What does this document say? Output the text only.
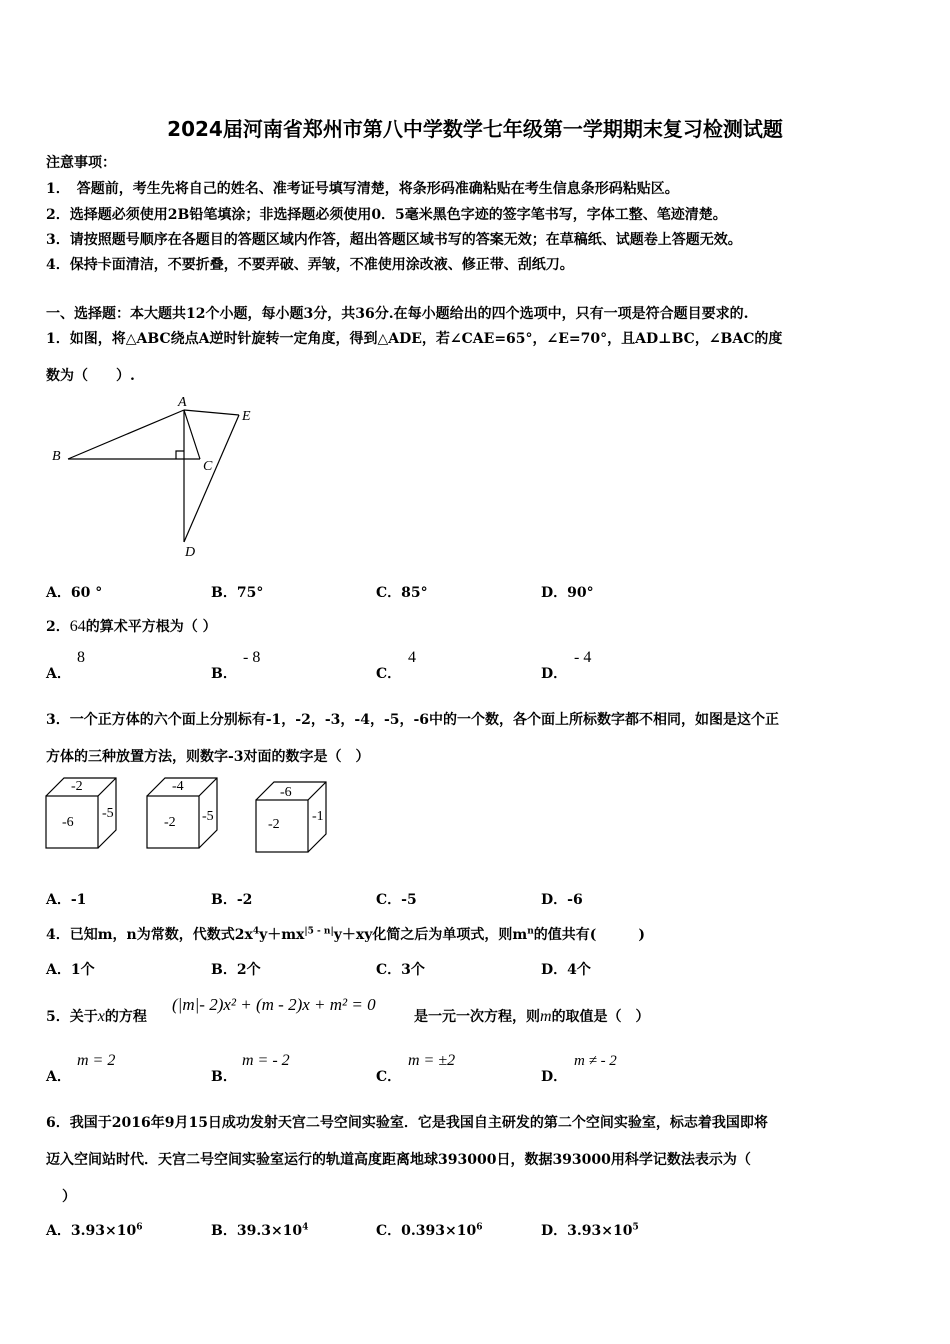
2024届河南省郑州市第八中学数学七年级第一学期期末复习检测试题
注意事项：
1．　答题前，考生先将自己的姓名、准考证号填写清楚，将条形码准确粘贴在考生信息条形码粘贴区。
2．选择题必须使用2B铅笔填涂；非选择题必须使用0．5毫米黑色字迹的签字笔书写，字体工整、笔迹清楚。
3．请按照题号顺序在各题目的答题区域内作答，超出答题区域书写的答案无效；在草稿纸、试题卷上答题无效。
4．保持卡面清洁，不要折叠，不要弄破、弄皱，不准使用涂改液、修正带、刮纸刀。
一、选择题：本大题共12个小题，每小题3分，共36分.在每小题给出的四个选项中，只有一项是符合题目要求的.
1．如图，将△ABC绕点A逆时针旋转一定角度，得到△ADE，若∠CAE=65°，∠E=70°，且AD⊥BC，∠BAC的度
数为（　　）.
A
B
C
D
E
A．60 °	B．75°	C．85°	D．90°
2．64的算术平方根为（ ）
A．
8
B．
- 8
C．
4
D．
- 4
3．一个正方体的六个面上分别标有-1，-2，-3，-4，-5，-6中的一个数，各个面上所标数字都不相同，如图是这个正
方体的三种放置方法，则数字-3对面的数字是（　）
-2
-6
-5
-4
-2 -5
-6
-2
-1
A．-1	B．-2	C．-5	D．-6
4．已知m，n为常数，代数式$2x^4y+mx^{|5 - n|}y+xy$化简之后为单项式，则$m^n$的值共有(　　　)
A．1个	B．2个	C．3个	D．4个
5．关于x的方程
(|m|- 2)x² + (m - 2)x + m² = 0
是一元一次方程，则m的取值是（　）
A．
m = 2
B．
m = - 2
C．
m = ±2
D．
m ≠ - 2
6．我国于2016年9月15日成功发射天宫二号空间实验室．它是我国自主研发的第二个空间实验室，标志着我国即将
迈入空间站时代．天宫二号空间实验室运行的轨道高度距离地球393000日，数据393000用科学记数法表示为（
）
A．$3.93\times 10^6$	B．$39.3\times 10^4$	C．$0.393\times 10^6$	D．$3.93\times 10^5$
